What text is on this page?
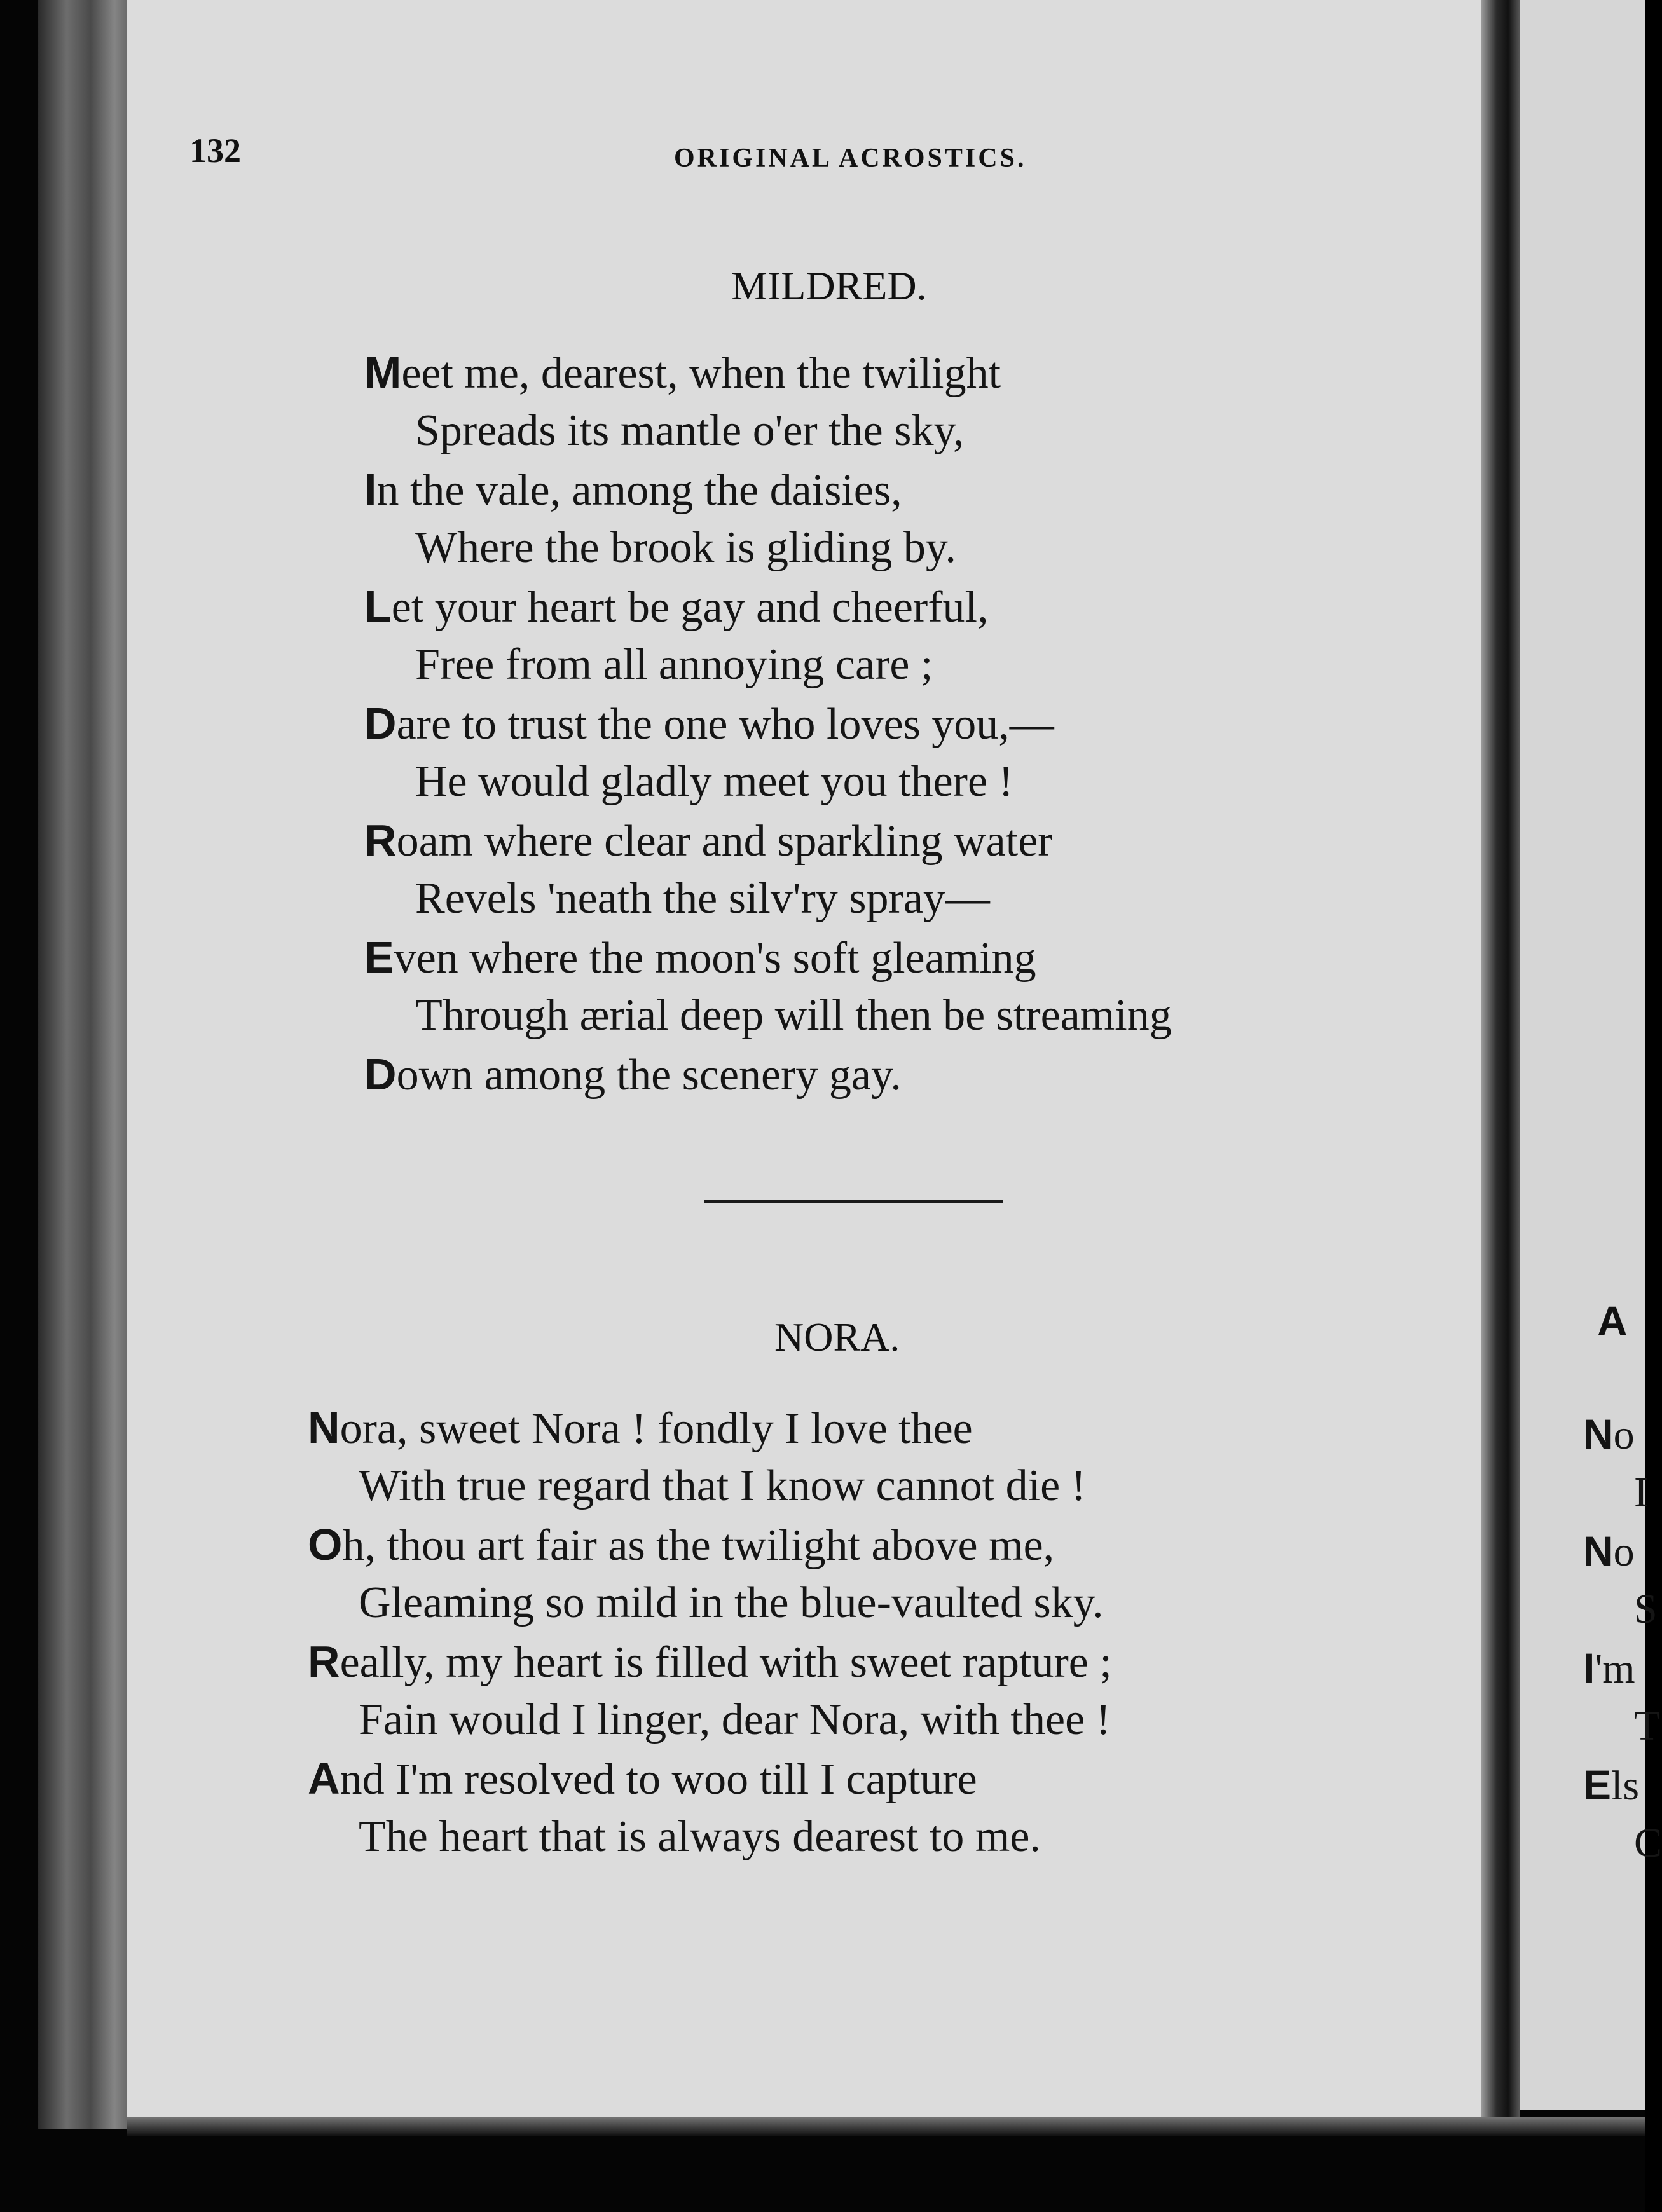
132	ORIGINAL ACROSTICS.

MILDRED.
Meet me, dearest, when the twilight
Spreads its mantle o'er the sky,
In the vale, among the daisies,
Where the brook is gliding by.
Let your heart be gay and cheerful,
Free from all annoying care ;
Dare to trust the one who loves you,—
He would gladly meet you there !
Roam where clear and sparkling water
Revels 'neath the silv'ry spray—
Even where the moon's soft gleaming
Through ærial deep will then be streaming
Down among the scenery gay.
NORA.
Nora, sweet Nora ! fondly I love thee
With true regard that I know cannot die !
Oh, thou art fair as the twilight above me,
Gleaming so mild in the blue-vaulted sky.
Really, my heart is filled with sweet rapture ;
Fain would I linger, dear Nora, with thee !
And I'm resolved to woo till I capture
The heart that is always dearest to me.

A

No
I
No
S
I'm
T
Els
C
